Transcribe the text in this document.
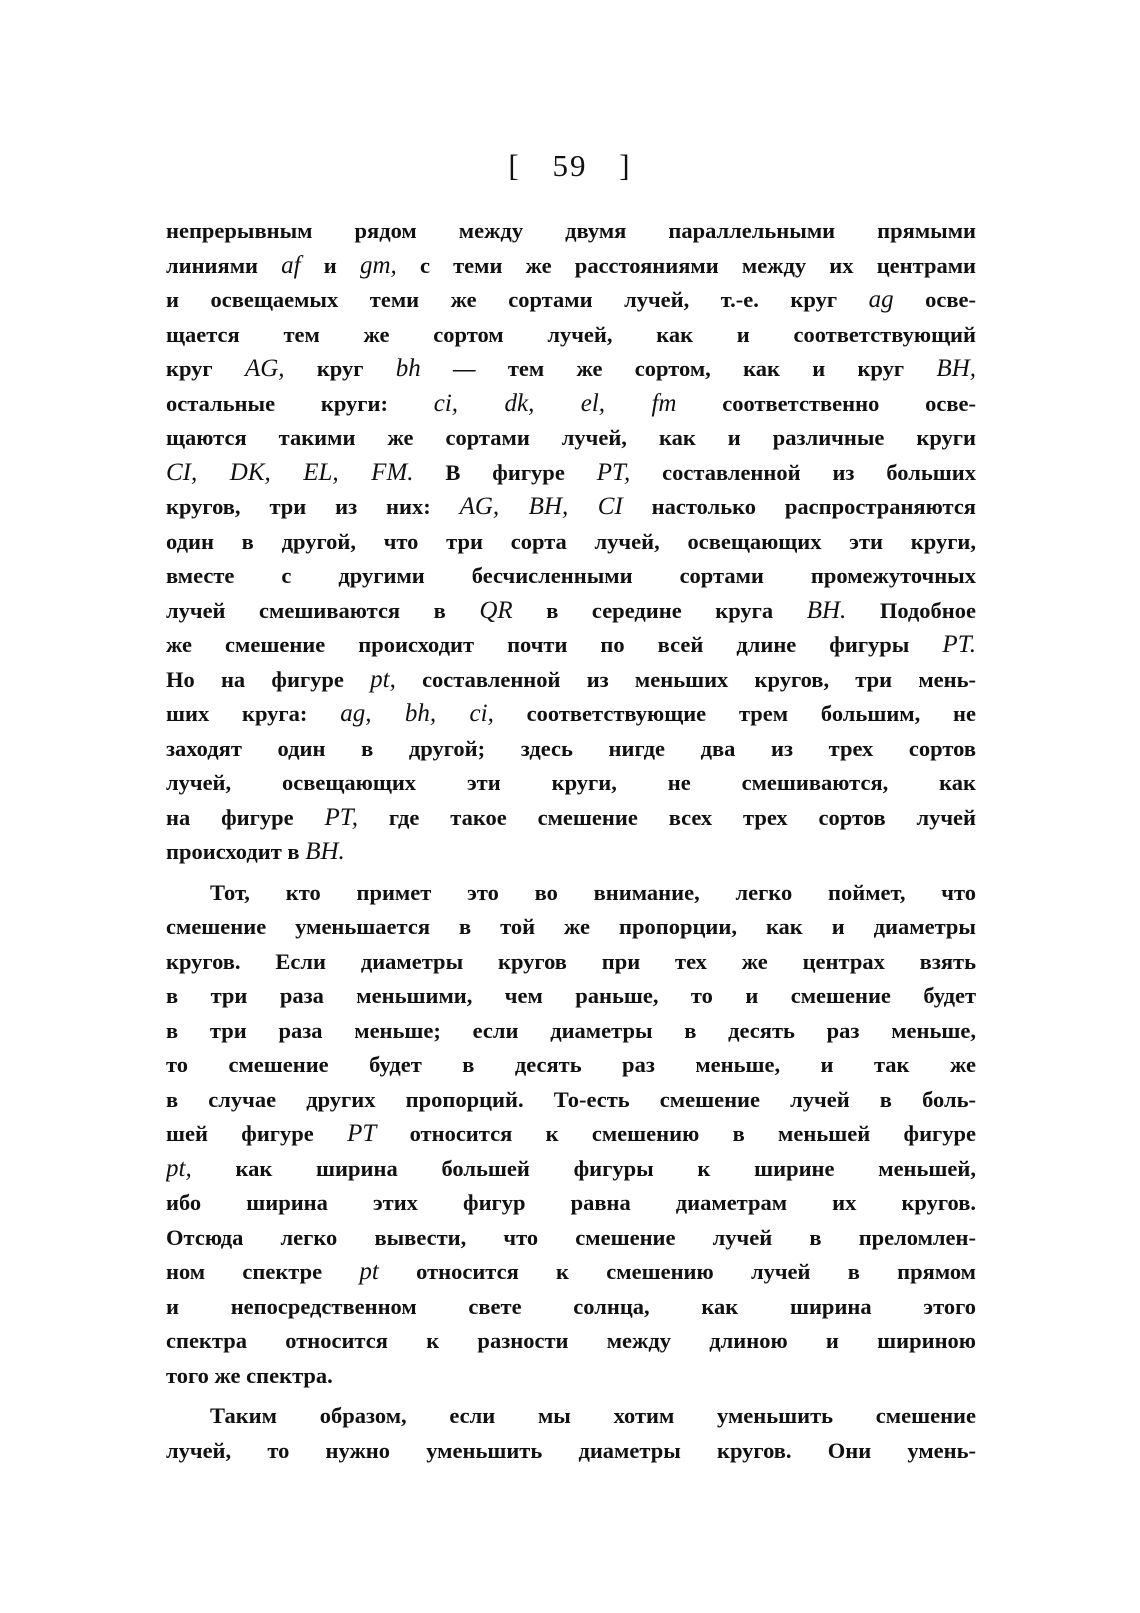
[ 59 ]
непрерывным рядом между двумя параллельными прямыми
линиями af и gm, с теми же расстояниями между их центрами
и освещаемых теми же сортами лучей, т.-е. круг ag осве-
щается тем же сортом лучей, как и соответствующий
круг AG, круг bh — тем же сортом, как и круг BH,
остальные круги: ci, dk, el, fm соответственно осве-
щаются такими же сортами лучей, как и различные круги
CI, DK, EL, FM. В фигуре PT, составленной из больших
кругов, три из них: AG, BH, CI настолько распространяются
один в другой, что три сорта лучей, освещающих эти круги,
вместе с другими бесчисленными сортами промежуточных
лучей смешиваются в QR в середине круга BH. Подобное
же смешение происходит почти по всей длине фигуры PT.
Но на фигуре pt, составленной из меньших кругов, три мень-
ших круга: ag, bh, ci, соответствующие трем большим, не
заходят один в другой; здесь нигде два из трех сортов
лучей, освещающих эти круги, не смешиваются, как
на фигуре PT, где такое смешение всех трех сортов лучей
происходит в BH.
Тот, кто примет это во внимание, легко поймет, что
смешение уменьшается в той же пропорции, как и диаметры
кругов. Если диаметры кругов при тех же центрах взять
в три раза меньшими, чем раньше, то и смешение будет
в три раза меньше; если диаметры в десять раз меньше,
то смешение будет в десять раз меньше, и так же
в случае других пропорций. То-есть смешение лучей в боль-
шей фигуре PT относится к смешению в меньшей фигуре
pt, как ширина большей фигуры к ширине меньшей,
ибо ширина этих фигур равна диаметрам их кругов.
Отсюда легко вывести, что смешение лучей в преломлен-
ном спектре pt относится к смешению лучей в прямом
и непосредственном свете солнца, как ширина этого
спектра относится к разности между длиною и шириною
того же спектра.
Таким образом, если мы хотим уменьшить смешение
лучей, то нужно уменьшить диаметры кругов. Они умень-
